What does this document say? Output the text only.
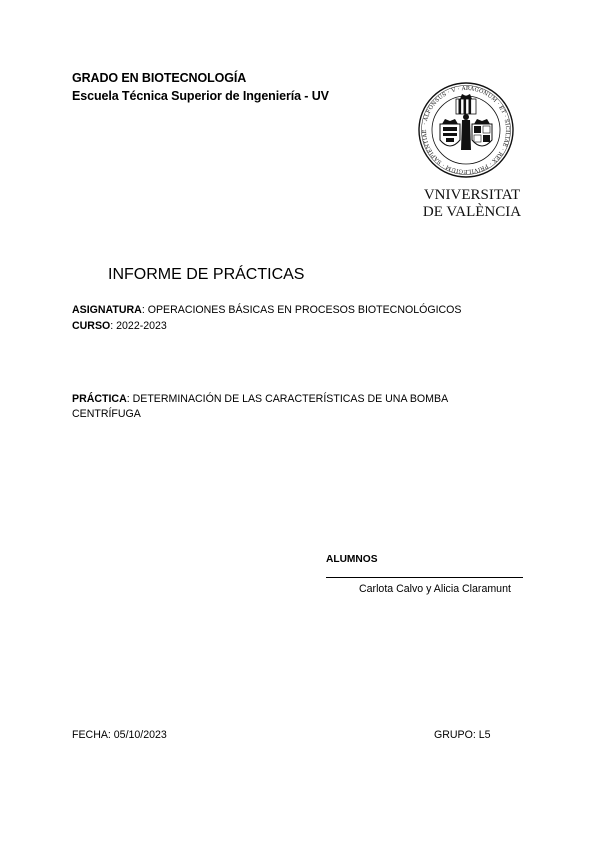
GRADO EN BIOTECNOLOGÍA
Escuela Técnica Superior de Ingeniería - UV
· ALFONSUS · V · ARAGONUM · ET · SICILIAE · REX · PRIVILEGIUM · SAPIENTIAE
VNIVERSITAT
DE VALÈNCIA
INFORME DE PRÁCTICAS
ASIGNATURA: OPERACIONES BÁSICAS EN PROCESOS BIOTECNOLÓGICOS
CURSO: 2022-2023
PRÁCTICA: DETERMINACIÓN DE LAS CARACTERÍSTICAS DE UNA BOMBA CENTRÍFUGA
ALUMNOS
Carlota Calvo y Alicia Claramunt
FECHA: 05/10/2023	GRUPO: L5
